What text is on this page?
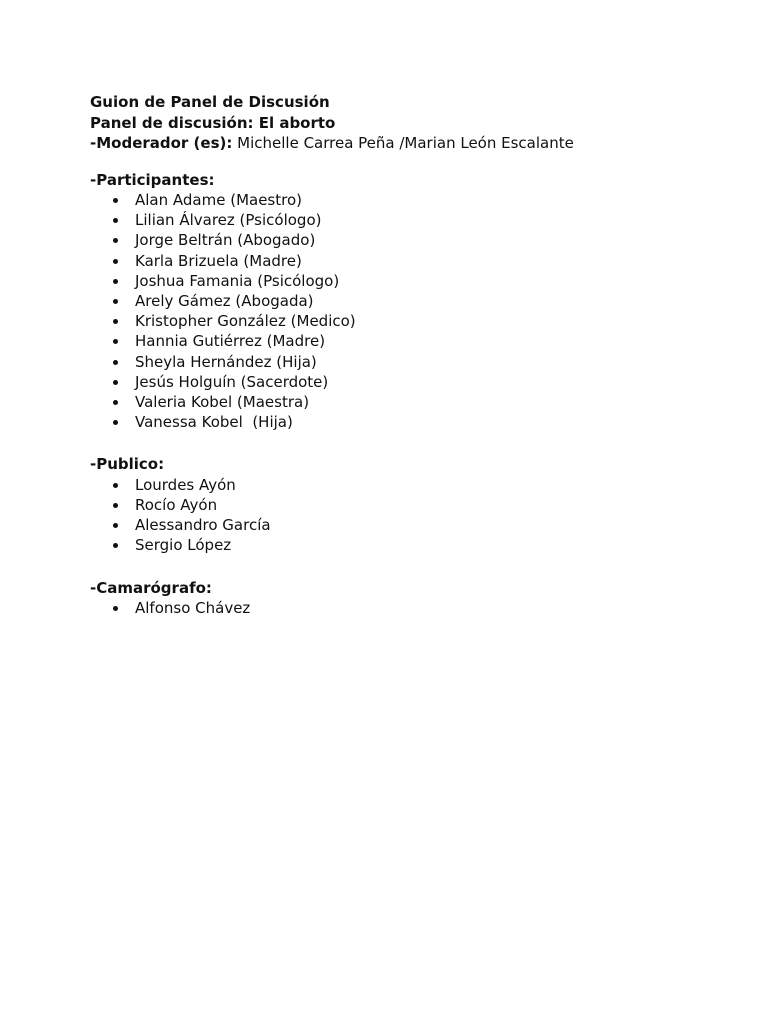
Guion de Panel de Discusión
Panel de discusión: El aborto
-Moderador (es): Michelle Carrea Peña /Marian León Escalante
-Participantes:
Alan Adame (Maestro)
Lilian Álvarez (Psicólogo)
Jorge Beltrán (Abogado)
Karla Brizuela (Madre)
Joshua Famania (Psicólogo)
Arely Gámez (Abogada)
Kristopher González (Medico)
Hannia Gutiérrez (Madre)
Sheyla Hernández (Hija)
Jesús Holguín (Sacerdote)
Valeria Kobel (Maestra)
Vanessa Kobel  (Hija)
-Publico:
Lourdes Ayón
Rocío Ayón
Alessandro García
Sergio López
-Camarógrafo:
Alfonso Chávez
